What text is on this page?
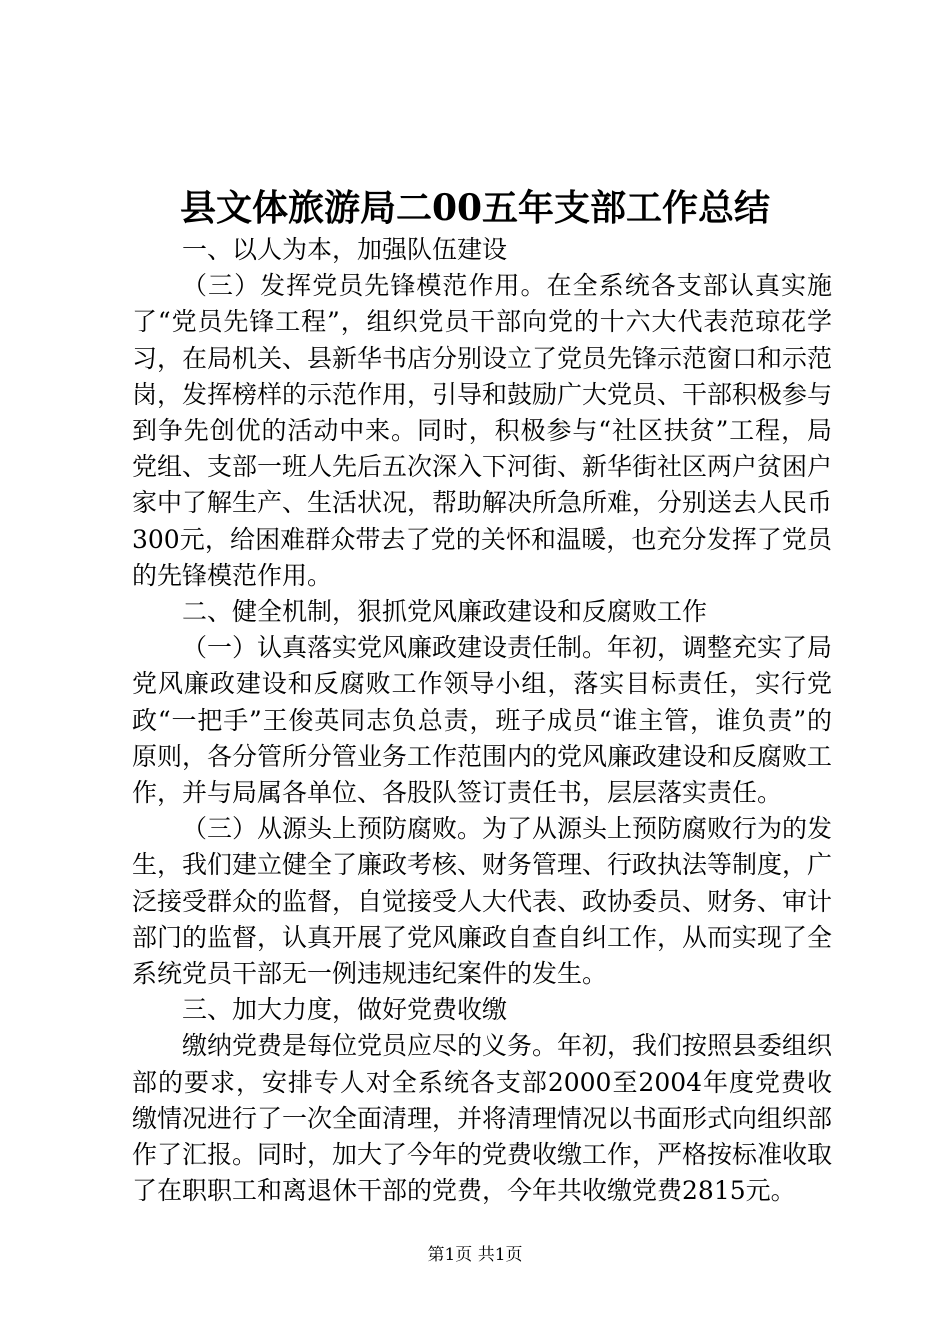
县文体旅游局二00五年支部工作总结

一、以人为本，加强队伍建设

（三）发挥党员先锋模范作用。在全系统各支部认真实施了“党员先锋工程”，组织党员干部向党的十六大代表范琼花学习，在局机关、县新华书店分别设立了党员先锋示范窗口和示范岗，发挥榜样的示范作用，引导和鼓励广大党员、干部积极参与到争先创优的活动中来。同时，积极参与“社区扶贫”工程，局党组、支部一班人先后五次深入下河街、新华街社区两户贫困户家中了解生产、生活状况，帮助解决所急所难，分别送去人民币300元，给困难群众带去了党的关怀和温暖，也充分发挥了党员的先锋模范作用。

二、健全机制，狠抓党风廉政建设和反腐败工作

（一）认真落实党风廉政建设责任制。年初，调整充实了局党风廉政建设和反腐败工作领导小组，落实目标责任，实行党政“一把手”王俊英同志负总责，班子成员“谁主管，谁负责”的原则，各分管所分管业务工作范围内的党风廉政建设和反腐败工作，并与局属各单位、各股队签订责任书，层层落实责任。

（三）从源头上预防腐败。为了从源头上预防腐败行为的发生，我们建立健全了廉政考核、财务管理、行政执法等制度，广泛接受群众的监督，自觉接受人大代表、政协委员、财务、审计部门的监督，认真开展了党风廉政自查自纠工作，从而实现了全系统党员干部无一例违规违纪案件的发生。

三、加大力度，做好党费收缴

缴纳党费是每位党员应尽的义务。年初，我们按照县委组织部的要求，安排专人对全系统各支部2000至2004年度党费收缴情况进行了一次全面清理，并将清理情况以书面形式向组织部作了汇报。同时，加大了今年的党费收缴工作，严格按标准收取了在职职工和离退休干部的党费，今年共收缴党费2815元。

第1页 共1页
